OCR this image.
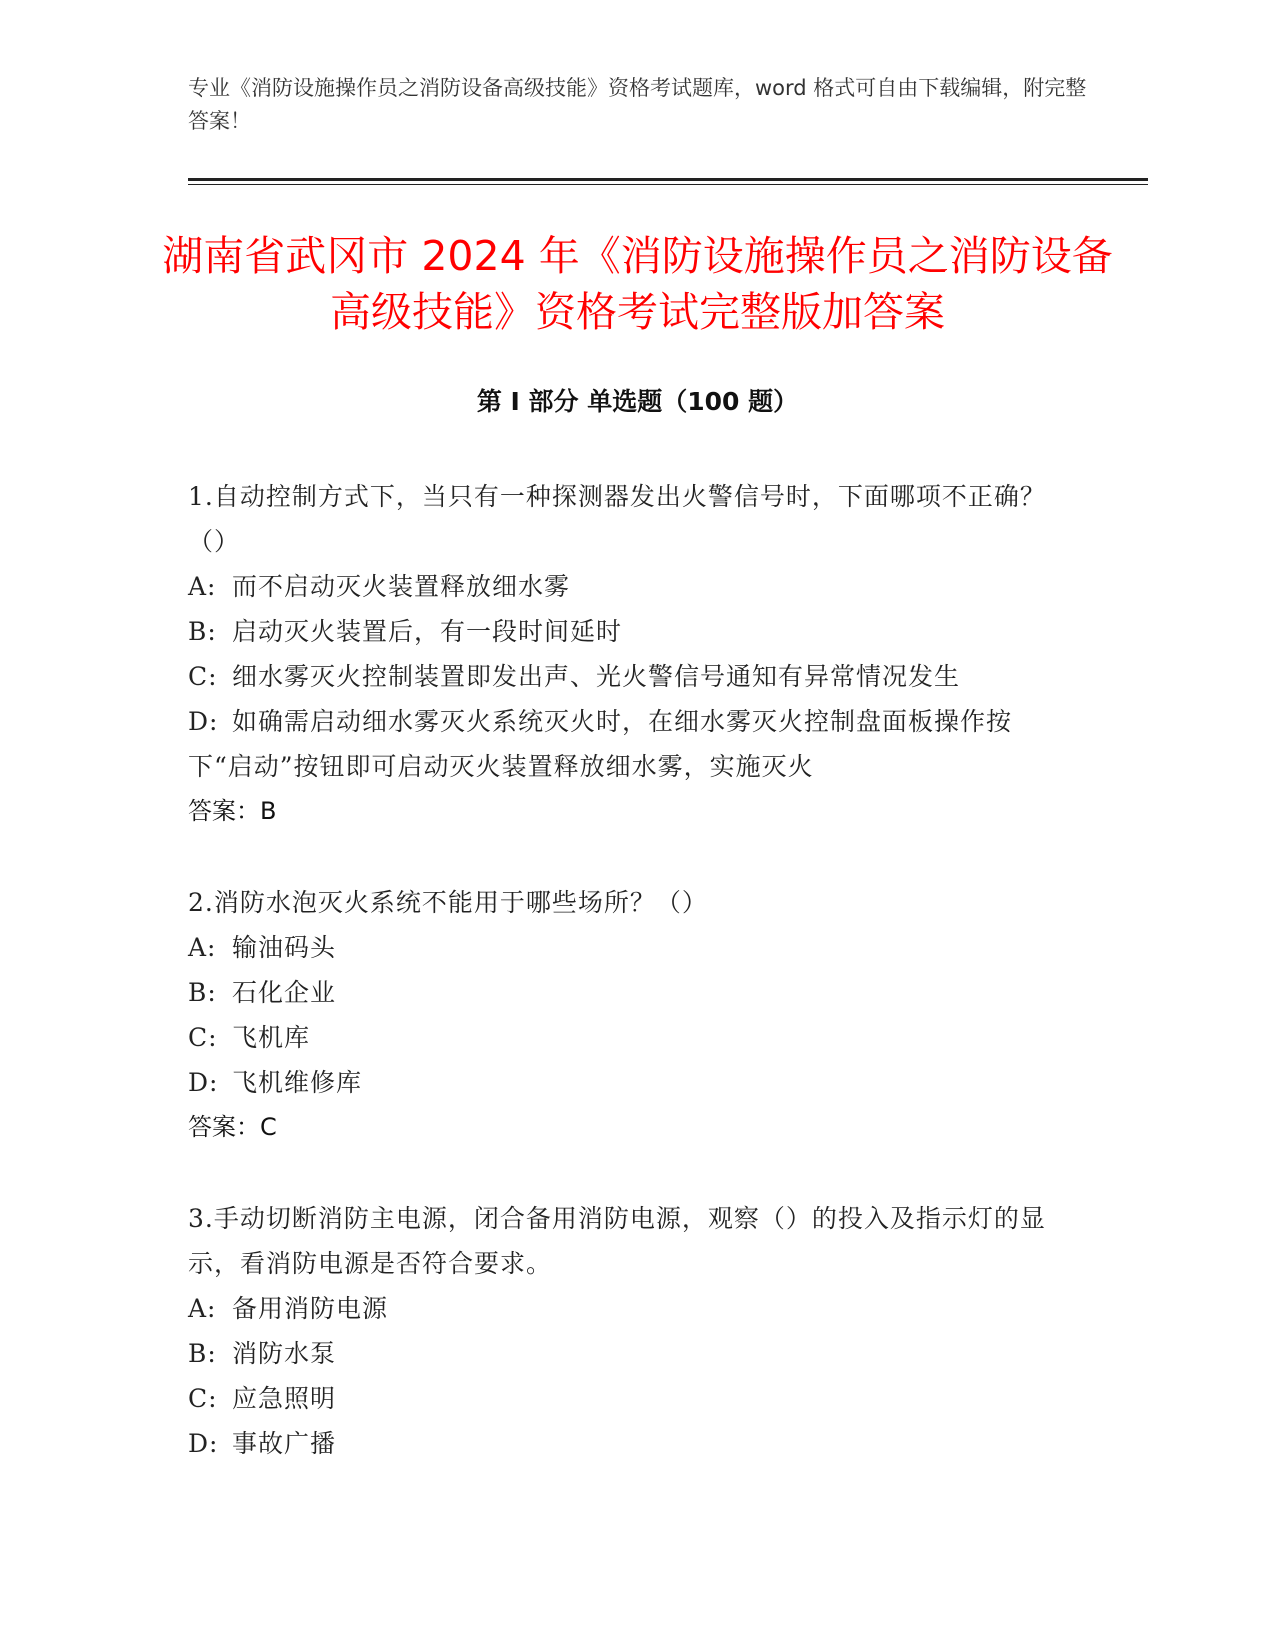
专业《消防设施操作员之消防设备高级技能》资格考试题库，word 格式可自由下载编辑，附完整答案！

湖南省武冈市 2024 年《消防设施操作员之消防设备高级技能》资格考试完整版加答案
第 I 部分 单选题（100 题）

1.自动控制方式下，当只有一种探测器发出火警信号时，下面哪项不正确？（）

A: 而不启动灭火装置释放细水雾

B: 启动灭火装置后，有一段时间延时

C: 细水雾灭火控制装置即发出声、光火警信号通知有异常情况发生

D: 如确需启动细水雾灭火系统灭火时，在细水雾灭火控制盘面板操作按下“启动”按钮即可启动灭火装置释放细水雾，实施灭火

答案：B

2.消防水泡灭火系统不能用于哪些场所？（）

A: 输油码头

B: 石化企业

C: 飞机库

D: 飞机维修库

答案：C

3.手动切断消防主电源，闭合备用消防电源，观察（）的投入及指示灯的显示，看消防电源是否符合要求。

A: 备用消防电源

B: 消防水泵

C: 应急照明

D: 事故广播
